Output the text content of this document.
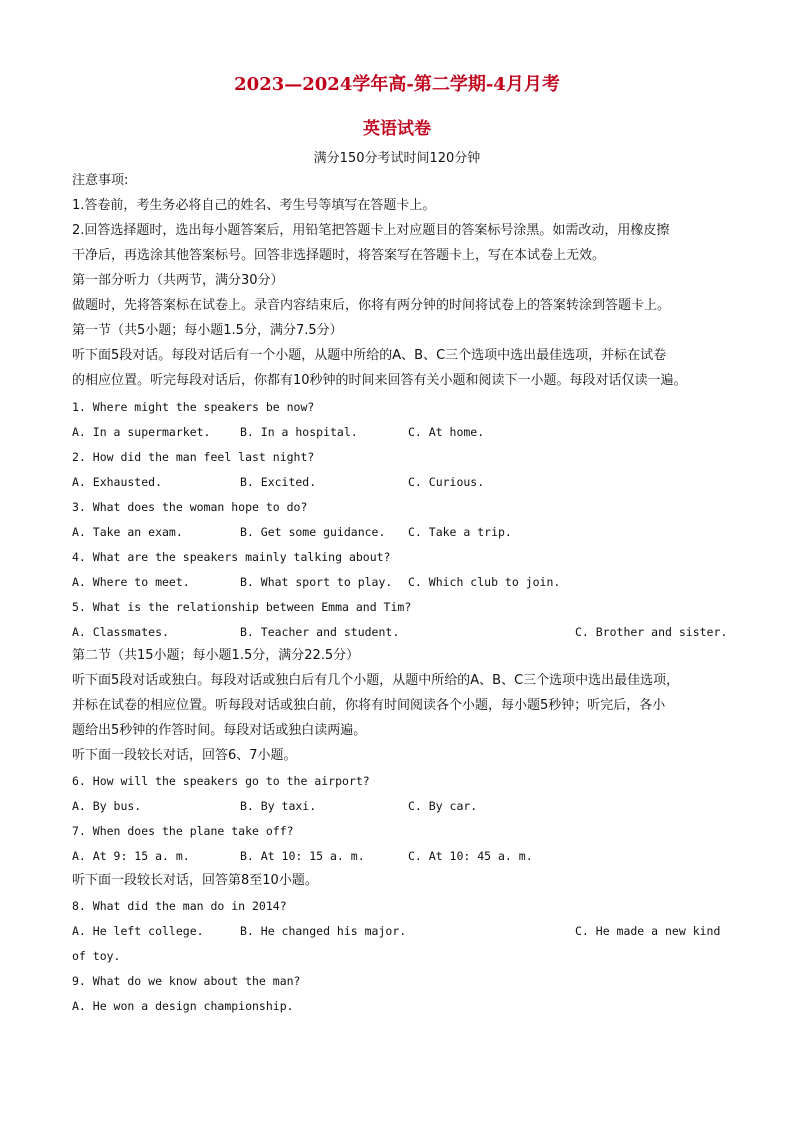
2023—2024学年高-第二学期-4月月考
英语试卷
满分150分考试时间120分钟
注意事项:
1.答卷前，考生务必将自己的姓名、考生号等填写在答题卡上。
2.回答选择题时，选出每小题答案后，用铅笔把答题卡上对应题目的答案标号涂黑。如需改动，用橡皮擦
干净后，再选涂其他答案标号。回答非选择题时，将答案写在答题卡上，写在本试卷上无效。
第一部分听力（共两节，满分30分）
做题时，先将答案标在试卷上。录音内容结束后，你将有两分钟的时间将试卷上的答案转涂到答题卡上。
第一节（共5小题；每小题1.5分，满分7.5分）
听下面5段对话。每段对话后有一个小题，从题中所给的A、B、C三个选项中选出最佳选项，并标在试卷
的相应位置。听完每段对话后，你都有10秒钟的时间来回答有关小题和阅读下一小题。每段对话仅读一遍。
1. Where might the speakers be now?
A. In a supermarket.	B. In a hospital.	C. At home.
2. How did the man feel last night?
A. Exhausted.	B. Excited.	C. Curious.
3. What does the woman hope to do?
A. Take an exam.	B. Get some guidance. C. Take a trip.
4. What are the speakers mainly talking about?
A. Where to meet.	B. What sport to play. C. Which club to join.
5. What is the relationship between Emma and Tim?
A. Classmates.	B. Teacher and student.	C. Brother and sister.
第二节（共15小题；每小题1.5分，满分22.5分）
听下面5段对话或独白。每段对话或独白后有几个小题，从题中所给的A、B、C三个选项中选出最佳选项，
并标在试卷的相应位置。听每段对话或独白前，你将有时间阅读各个小题，每小题5秒钟；听完后，各小
题给出5秒钟的作答时间。每段对话或独白读两遍。
听下面一段较长对话，回答6、7小题。
6. How will the speakers go to the airport?
A. By bus.	B. By taxi.	C. By car.
7. When does the plane take off?
A. At 9: 15 a. m.	B. At 10: 15 a. m.	C. At 10: 45 a. m.
听下面一段较长对话，回答第8至10小题。
8. What did the man do in 2014?
A. He left college.	B. He changed his major.	C. He made a new kind
of toy.
9. What do we know about the man?
A. He won a design championship.
